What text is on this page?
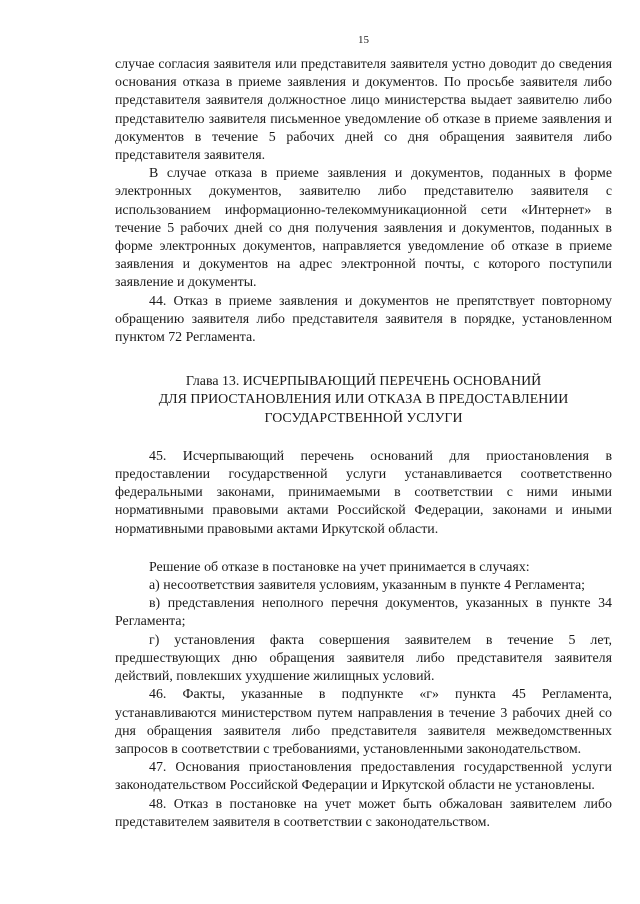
15

случае согласия заявителя или представителя заявителя устно доводит до сведения основания отказа в приеме заявления и документов. По просьбе заявителя либо представителя заявителя должностное лицо министерства выдает заявителю либо представителю заявителя письменное уведомление об отказе в приеме заявления и документов в течение 5 рабочих дней со дня обращения заявителя либо представителя заявителя.

В случае отказа в приеме заявления и документов, поданных в форме электронных документов, заявителю либо представителю заявителя с использованием информационно-телекоммуникационной сети «Интернет» в течение 5 рабочих дней со дня получения заявления и документов, поданных в форме электронных документов, направляется уведомление об отказе в приеме заявления и документов на адрес электронной почты, с которого поступили заявление и документы.

44. Отказ в приеме заявления и документов не препятствует повторному обращению заявителя либо представителя заявителя в порядке, установленном пунктом 72 Регламента.

Глава 13. ИСЧЕРПЫВАЮЩИЙ ПЕРЕЧЕНЬ ОСНОВАНИЙ
ДЛЯ ПРИОСТАНОВЛЕНИЯ ИЛИ ОТКАЗА В ПРЕДОСТАВЛЕНИИ
ГОСУДАРСТВЕННОЙ УСЛУГИ

45. Исчерпывающий перечень оснований для приостановления в предоставлении государственной услуги устанавливается соответственно федеральными законами, принимаемыми в соответствии с ними иными нормативными правовыми актами Российской Федерации, законами и иными нормативными правовыми актами Иркутской области.

Решение об отказе в постановке на учет принимается в случаях:

а) несоответствия заявителя условиям, указанным в пункте 4 Регламента;

в) представления неполного перечня документов, указанных в пункте 34 Регламента;

г) установления факта совершения заявителем в течение 5 лет, предшествующих дню обращения заявителя либо представителя заявителя действий, повлекших ухудшение жилищных условий.

46. Факты, указанные в подпункте «г» пункта 45 Регламента, устанавливаются министерством путем направления в течение 3 рабочих дней со дня обращения заявителя либо представителя заявителя межведомственных запросов в соответствии с требованиями, установленными законодательством.

47. Основания приостановления предоставления государственной услуги законодательством Российской Федерации и Иркутской области не установлены.

48. Отказ в постановке на учет может быть обжалован заявителем либо представителем заявителя в соответствии с законодательством.
